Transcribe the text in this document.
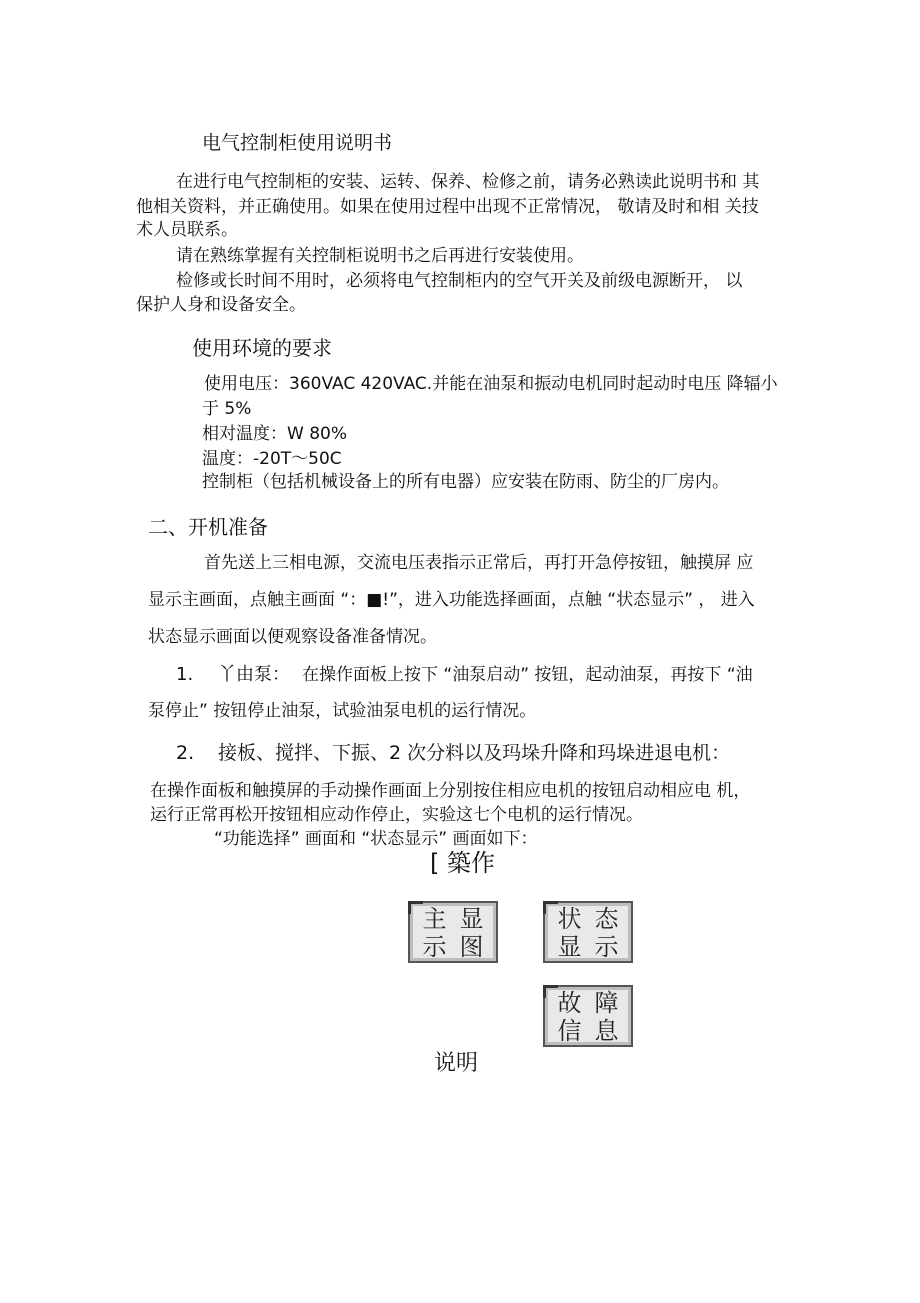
电气控制柜使用说明书
在进行电气控制柜的安装、运转、保养、检修之前，请务必熟读此说明书和 其
他相关资料，并正确使用。如果在使用过程中出现不正常情况， 敬请及时和相 关技
术人员联系。
请在熟练掌握有关控制柜说明书之后再进行安装使用。
检修或长时间不用时，必须将电气控制柜内的空气开关及前级电源断开， 以
保护人身和设备安全。
使用环境的要求
使用电压：360VAC 420VAC.并能在油泵和振动电机同时起动时电压 降辐小
于 5%
相对温度：W 80%
温度：-20T〜50C
控制柜（包括机械设备上的所有电器）应安装在防雨、防尘的厂房内。
二、开机准备
首先送上三相电源，交流电压表指示正常后，再打开急停按钮，触摸屏 应
显示主画面，点触主画面 “：■!”，进入功能选择画面，点触 “状态显示” ， 进入
状态显示画面以便观察设备准备情况。
1. 丫由泵： 在操作面板上按下 “油泵启动” 按钮，起动油泵，再按下 “油
泵停止” 按钮停止油泵，试验油泵电机的运行情况。
2. 接板、搅拌、下振、2 次分料以及玛垛升降和玛垛进退电机：
在操作面板和触摸屏的手动操作画面上分别按住相应电机的按钮启动相应电 机，
运行正常再松开按钮相应动作停止，实验这七个电机的运行情况。
“功能选择” 画面和 “状态显示” 画面如下：
[ 築作
主 显
示 图
状 态
显 示
故 障
信 息
说明
